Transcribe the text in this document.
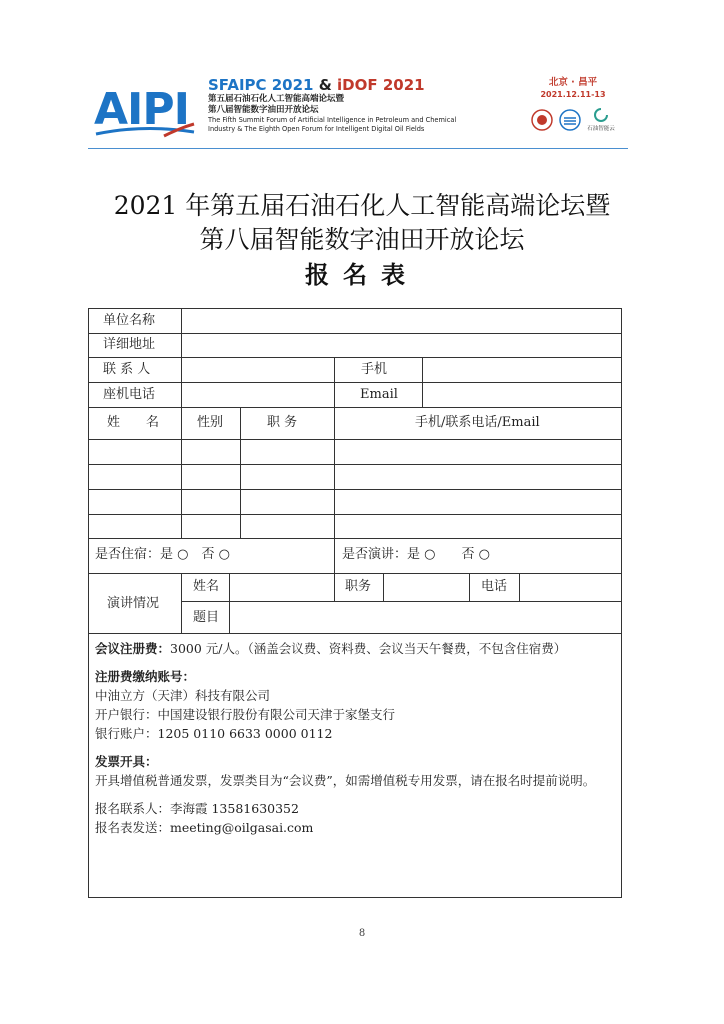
AIPI SFAIPC 2021 & iDOF 2021
第五届石油石化人工智能高端论坛暨
第八届智能数字油田开放论坛
The Fifth Summit Forum of Artificial Intelligence in Petroleum and Chemical
Industry & The Eighth Open Forum for Intelligent Digital Oil Fields
北京 · 昌平
2021.12.11-13
石油智能云
2021 年第五届石油石化人工智能高端论坛暨
第八届智能数字油田开放论坛
报名表
单位名称
详细地址
联 系 人	手机
座机电话	Email
姓　　名	性别	职 务	手机/联系电话/Email
是否住宿：是 ○　否 ○	是否演讲：是 ○　　否 ○
演讲情况
姓名	职务	电话
题目

会议注册费：3000 元/人。（涵盖会议费、资料费、会议当天午餐费，不包含住宿费）

注册费缴纳账号：

中油立方（天津）科技有限公司

开户银行：中国建设银行股份有限公司天津于家堡支行

银行账户：1205 0110 6633 0000 0112

发票开具：

开具增值税普通发票，发票类目为“会议费”，如需增值税专用发票，请在报名时提前说明。

报名联系人：李海霞 13581630352

报名表发送：meeting@oilgasai.com

8
